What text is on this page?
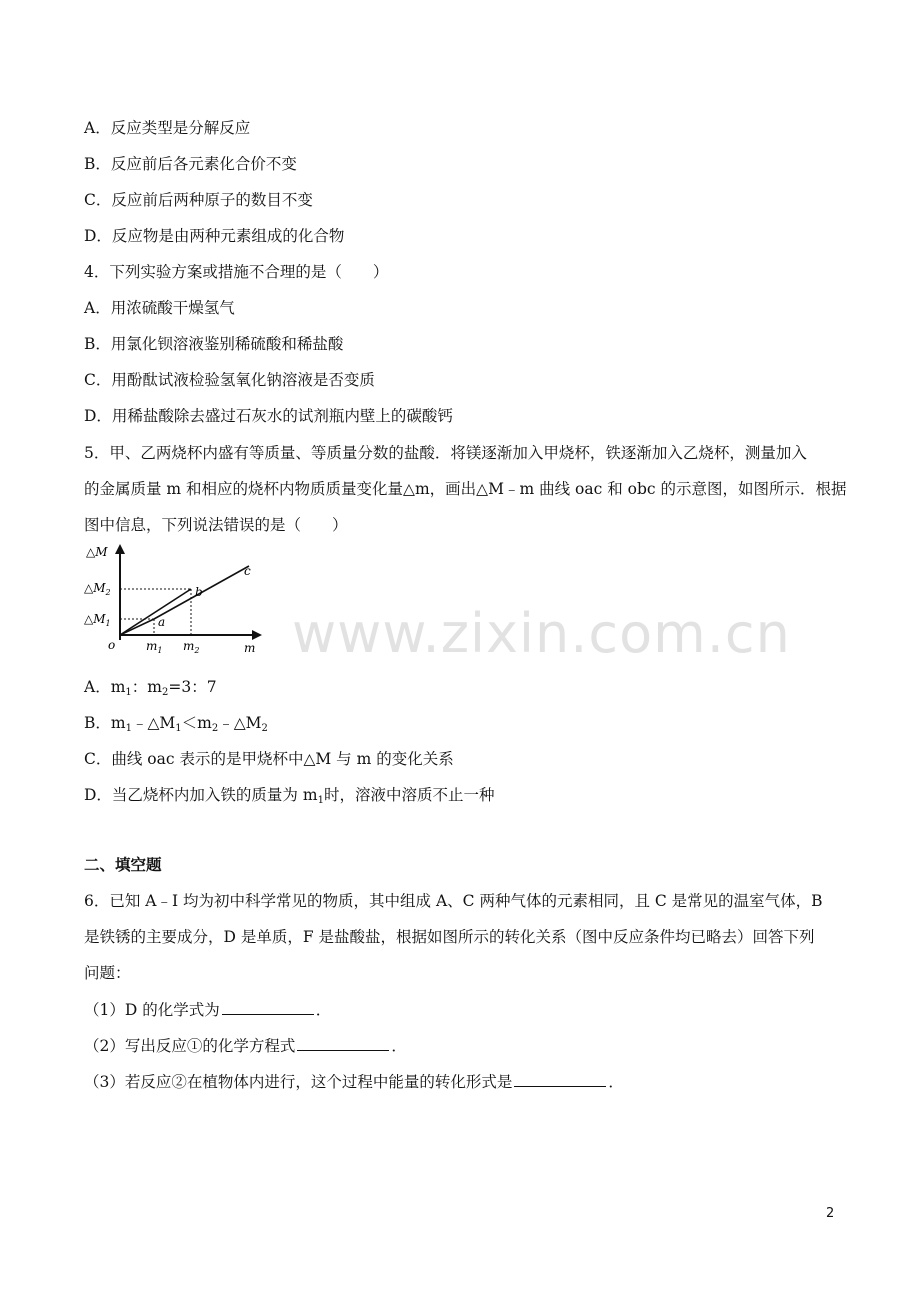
A．反应类型是分解反应
B．反应前后各元素化合价不变
C．反应前后两种原子的数目不变
D．反应物是由两种元素组成的化合物
4．下列实验方案或措施不合理的是（　　）
A．用浓硫酸干燥氢气
B．用氯化钡溶液鉴别稀硫酸和稀盐酸
C．用酚酞试液检验氢氧化钠溶液是否变质
D．用稀盐酸除去盛过石灰水的试剂瓶内壁上的碳酸钙
5．甲、乙两烧杯内盛有等质量、等质量分数的盐酸．将镁逐渐加入甲烧杯，铁逐渐加入乙烧杯，测量加入
的金属质量 m 和相应的烧杯内物质质量变化量△m，画出△M﹣m 曲线 oac 和 obc 的示意图，如图所示．根据
图中信息，下列说法错误的是（　　）
△M
$\triangle M_2$
$\triangle M_1$
o	$m_1$ $m_2$	m
a
b
c
A．$m_1$：$m_2=3$：7
B．$m_1﹣\triangle M_1<m_2﹣\triangle M_2$
C．曲线 oac 表示的是甲烧杯中△M 与 m 的变化关系
D．当乙烧杯内加入铁的质量为 $m_1$时，溶液中溶质不止一种
二、填空题
6．已知 A﹣I 均为初中科学常见的物质，其中组成 A、C 两种气体的元素相同，且 C 是常见的温室气体，B
是铁锈的主要成分，D 是单质，F 是盐酸盐，根据如图所示的转化关系（图中反应条件均已略去）回答下列
问题：
（1）D 的化学式为	．
（2）写出反应①的化学方程式	．
（3）若反应②在植物体内进行，这个过程中能量的转化形式是	．
www.zixin.com.cn
2
